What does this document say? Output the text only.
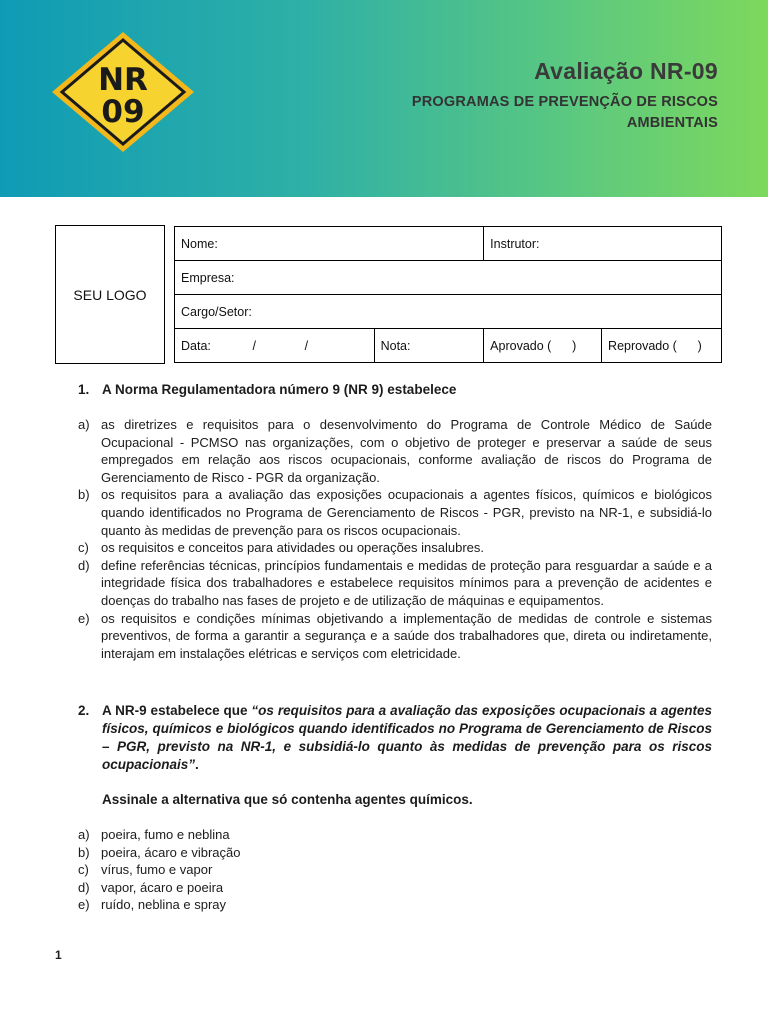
NR
09
Avaliação NR-09
PROGRAMAS DE PREVENÇÃO DE RISCOS AMBIENTAIS
SEU LOGO
Nome:		Instrutor:	
Empresa:			
Cargo/Setor:			
Data:            /              /	Nota:	Aprovado (      )	Reprovado (      )
1. A Norma Regulamentadora número 9 (NR 9) estabelece
a) as diretrizes e requisitos para o desenvolvimento do Programa de Controle Médico de Saúde Ocupacional - PCMSO nas organizações, com o objetivo de proteger e preservar a saúde de seus empregados em relação aos riscos ocupacionais, conforme avaliação de riscos do Programa de Gerenciamento de Risco - PGR da organização.
b) os requisitos para a avaliação das exposições ocupacionais a agentes físicos, químicos e biológicos quando identificados no Programa de Gerenciamento de Riscos - PGR, previsto na NR-1, e subsidiá-lo quanto às medidas de prevenção para os riscos ocupacionais.
c) os requisitos e conceitos para atividades ou operações insalubres.
d) define referências técnicas, princípios fundamentais e medidas de proteção para resguardar a saúde e a integridade física dos trabalhadores e estabelece requisitos mínimos para a prevenção de acidentes e doenças do trabalho nas fases de projeto e de utilização de máquinas e equipamentos.
e) os requisitos e condições mínimas objetivando a implementação de medidas de controle e sistemas preventivos, de forma a garantir a segurança e a saúde dos trabalhadores que, direta ou indiretamente, interajam em instalações elétricas e serviços com eletricidade.
2. A NR-9 estabelece que “os requisitos para a avaliação das exposições ocupacionais a agentes físicos, químicos e biológicos quando identificados no Programa de Gerenciamento de Riscos – PGR, previsto na NR-1, e subsidiá-lo quanto às medidas de prevenção para os riscos ocupacionais”.
Assinale a alternativa que só contenha agentes químicos.
a) poeira, fumo e neblina
b) poeira, ácaro e vibração
c) vírus, fumo e vapor
d) vapor, ácaro e poeira
e) ruído, neblina e spray
1
